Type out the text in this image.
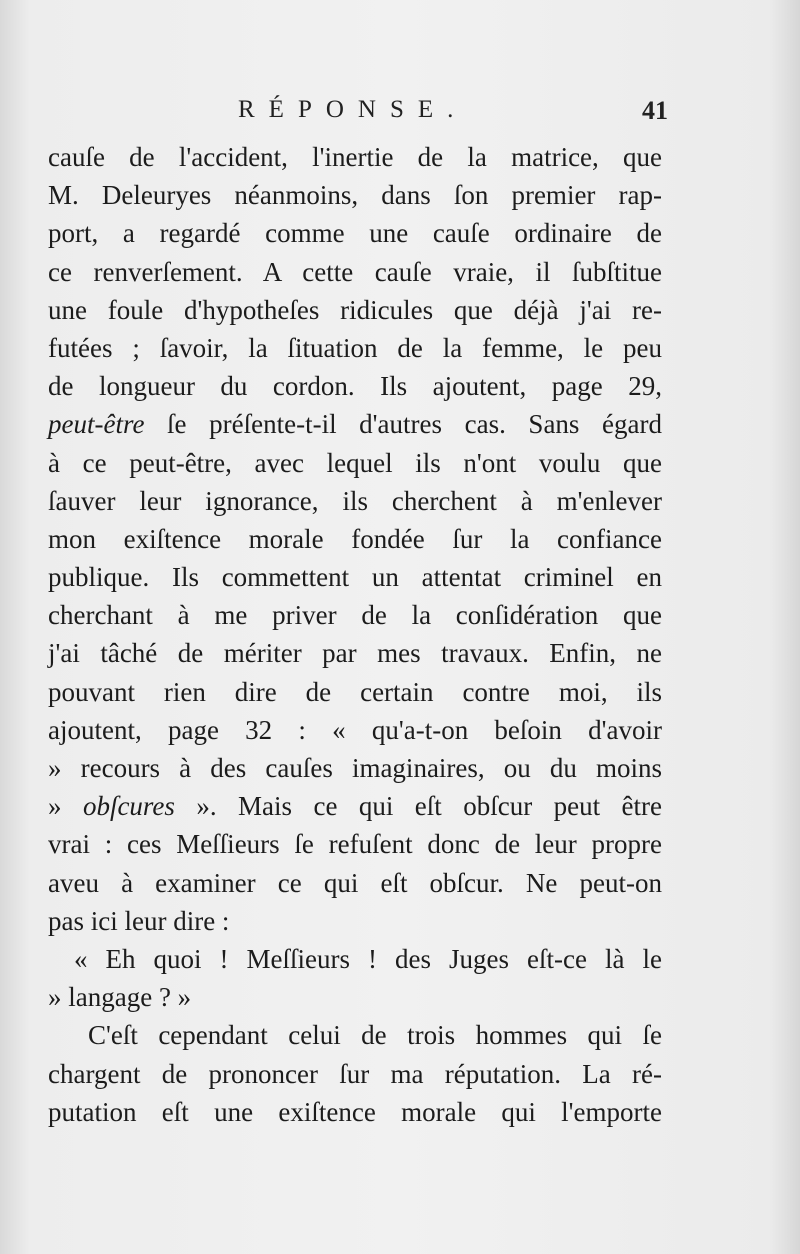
RÉPONSE.	41
cauſe de l'accident, l'inertie de la matrice, que
M. Deleuryes néanmoins, dans ſon premier rap-
port, a regardé comme une cauſe ordinaire de
ce renverſement. A cette cauſe vraie, il ſubſtitue
une foule d'hypotheſes ridicules que déjà j'ai re-
futées ; ſavoir, la ſituation de la femme, le peu
de longueur du cordon. Ils ajoutent, page 29,
peut-être ſe préſente-t-il d'autres cas. Sans égard
à ce peut-être, avec lequel ils n'ont voulu que
ſauver leur ignorance, ils cherchent à m'enlever
mon exiſtence morale fondée ſur la confiance
publique. Ils commettent un attentat criminel en
cherchant à me priver de la conſidération que
j'ai tâché de mériter par mes travaux. Enfin, ne
pouvant rien dire de certain contre moi, ils
ajoutent, page 32 : « qu'a-t-on beſoin d'avoir
» recours à des cauſes imaginaires, ou du moins
» obſcures ». Mais ce qui eſt obſcur peut être
vrai : ces Meſſieurs ſe refuſent donc de leur propre
aveu à examiner ce qui eſt obſcur. Ne peut-on
pas ici leur dire :
« Eh quoi ! Meſſieurs ! des Juges eſt-ce là le
» langage ? »
C'eſt cependant celui de trois hommes qui ſe
chargent de prononcer ſur ma réputation. La ré-
putation eſt une exiſtence morale qui l'emporte
